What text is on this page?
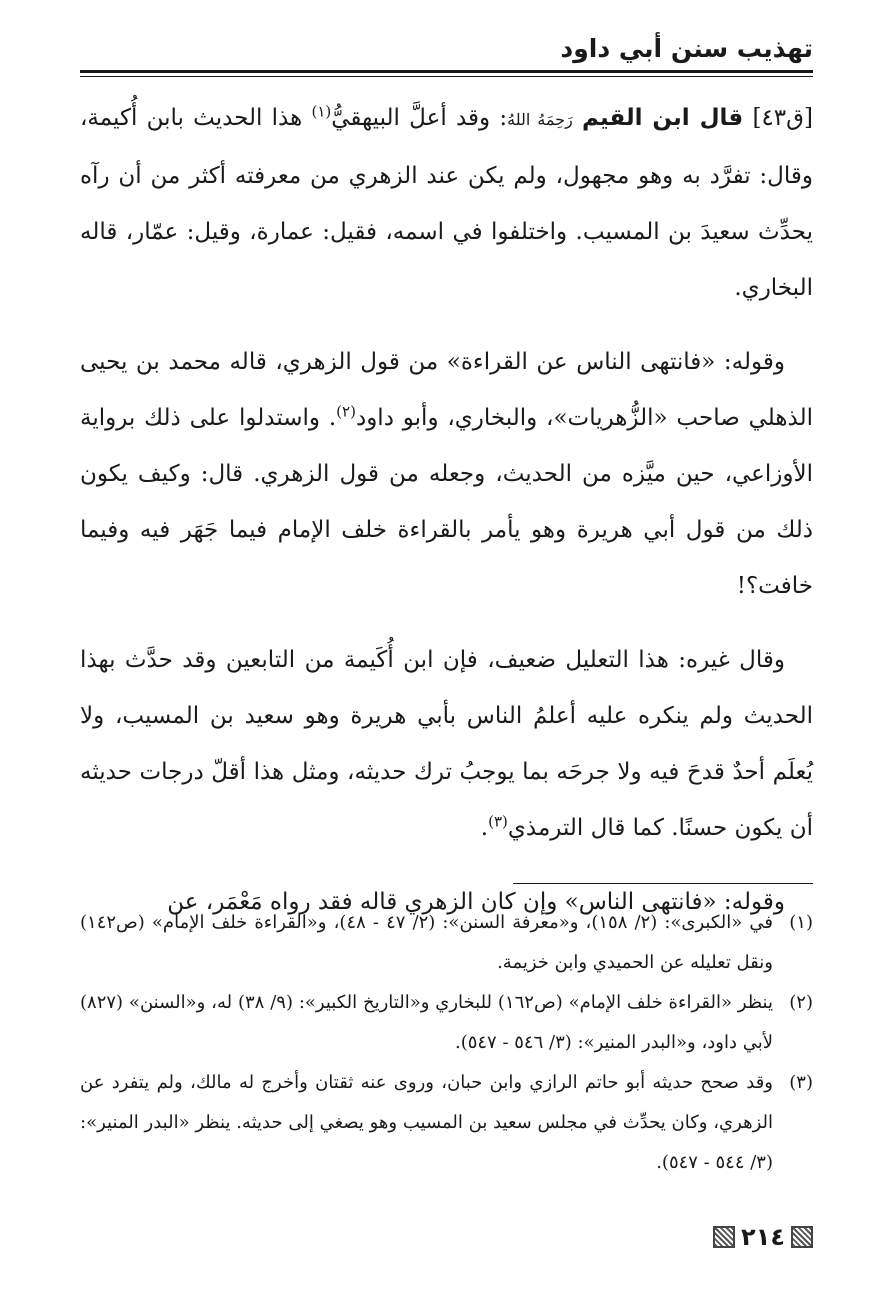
تهذيب سنن أبي داود

[ق٤٣] قال ابن القيم رَحِمَهُ اللهُ: وقد أعلَّ البيهقيُّ$^{(١)}$ هذا الحديث بابن أُكيمة، وقال: تفرَّد به وهو مجهول، ولم يكن عند الزهري من معرفته أكثر من أن رآه يحدِّث سعيدَ بن المسيب. واختلفوا في اسمه، فقيل: عمارة، وقيل: عمّار، قاله البخاري.

وقوله: «فانتهى الناس عن القراءة» من قول الزهري، قاله محمد بن يحيى الذهلي صاحب «الزُّهريات»، والبخاري، وأبو داود$^{(٢)}$. واستدلوا على ذلك برواية الأوزاعي، حين ميَّزه من الحديث، وجعله من قول الزهري. قال: وكيف يكون ذلك من قول أبي هريرة وهو يأمر بالقراءة خلف الإمام فيما جَهَر فيه وفيما خافت؟!

وقال غيره: هذا التعليل ضعيف، فإن ابن أُكَيمة من التابعين وقد حدَّث بهذا الحديث ولم ينكره عليه أعلمُ الناس بأبي هريرة وهو سعيد بن المسيب، ولا يُعلَم أحدٌ قدحَ فيه ولا جرحَه بما يوجبُ ترك حديثه، ومثل هذا أقلّ درجات حديثه أن يكون حسنًا. كما قال الترمذي$^{(٣)}$.

وقوله: «فانتهى الناس» وإن كان الزهري قاله فقد رواه مَعْمَر، عن

(١)
في «الكبرى»: (٢/ ١٥٨)، و«معرفة السنن»: (٢/ ٤٧ - ٤٨)، و«القراءة خلف الإمام» (ص١٤٢) ونقل تعليله عن الحميدي وابن خزيمة.
(٢)
ينظر «القراءة خلف الإمام» (ص١٦٢) للبخاري و«التاريخ الكبير»: (٩/ ٣٨) له، و«السنن» (٨٢٧) لأبي داود، و«البدر المنير»: (٣/ ٥٤٦ - ٥٤٧).
(٣)
وقد صحح حديثه أبو حاتم الرازي وابن حبان، وروى عنه ثقتان وأخرج له مالك، ولم يتفرد عن الزهري، وكان يحدِّث في مجلس سعيد بن المسيب وهو يصغي إلى حديثه. ينظر «البدر المنير»: (٣/ ٥٤٤ - ٥٤٧).
٢١٤
